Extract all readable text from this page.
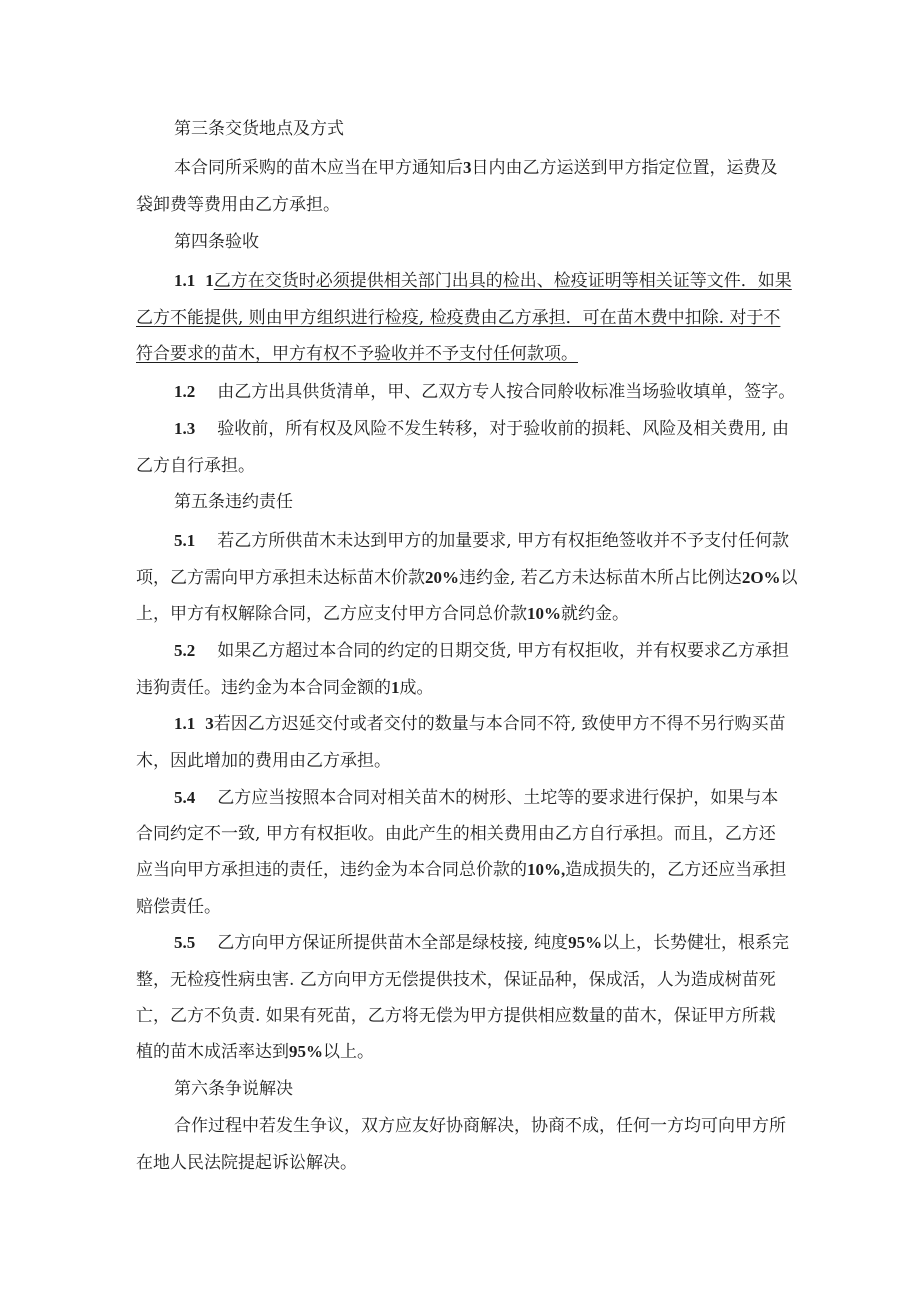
第三条交货地点及方式
本合同所采购的苗木应当在甲方通知后3日内由乙方运送到甲方指定位置，运费及
袋卸费等费用由乙方承担。
第四条验收
1.1 1乙方在交货时必须提供相关部门出具的检出、检疫证明等相关证等文件．如果
乙方不能提供, 则由甲方组织进行检疫, 检疫费由乙方承担．可在苗木费中扣除. 对于不
符合要求的苗木，甲方有权不予验收并不予支付任何款项。
1.2 由乙方出具供货清单，甲、乙双方专人按合同舲收标准当场验收填单，签字。
1.3 验收前，所有权及风险不发生转移，对于验收前的损耗、风险及相关费用, 由
乙方自行承担。
第五条违约责任
5.1 若乙方所供苗木未达到甲方的加量要求, 甲方有权拒绝签收并不予支付任何款
项，乙方需向甲方承担未达标苗木价款20%违约金, 若乙方未达标苗木所占比例达2O%以
上，甲方有权解除合同，乙方应支付甲方合同总价款10%就约金。
5.2 如果乙方超过本合同的约定的日期交货, 甲方有权拒收，并有权要求乙方承担
违狗责任。违约金为本合同金额的1成。
1.1 3若因乙方迟延交付或者交付的数量与本合同不符, 致使甲方不得不另行购买苗
木，因此增加的费用由乙方承担。
5.4 乙方应当按照本合同对相关苗木的树形、土坨等的要求进行保护，如果与本
合同约定不一致, 甲方有权拒收。由此产生的相关费用由乙方自行承担。而且，乙方还
应当向甲方承担违的责任，违约金为本合同总价款的10%,造成损失的，乙方还应当承担
赔偿责任。
5.5 乙方向甲方保证所提供苗木全部是绿枝接, 纯度95%以上，长势健壮，根系完
整，无检疫性病虫害. 乙方向甲方无偿提供技术，保证品种，保成活，人为造成树苗死
亡，乙方不负责. 如果有死苗，乙方将无偿为甲方提供相应数量的苗木，保证甲方所栽
植的苗木成活率达到95%以上。
第六条争说解决
合作过程中若发生争议，双方应友好协商解决，协商不成，任何一方均可向甲方所
在地人民法院提起诉讼解决。
